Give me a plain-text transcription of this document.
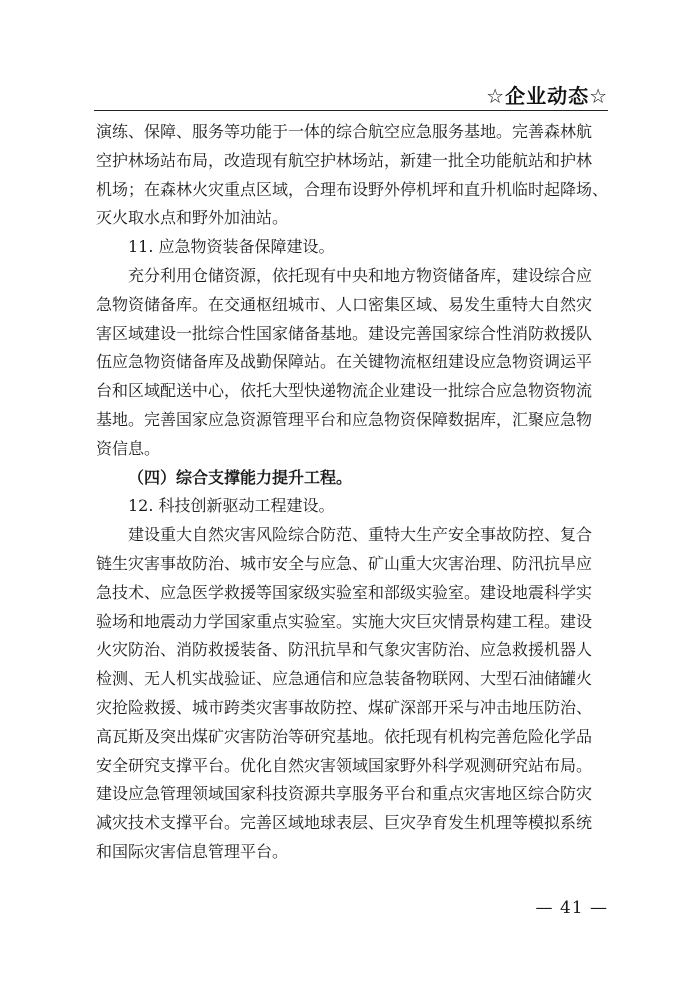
☆企业动态☆
演练、保障、服务等功能于一体的综合航空应急服务基地。完善森林航
空护林场站布局，改造现有航空护林场站，新建一批全功能航站和护林
机场；在森林火灾重点区域，合理布设野外停机坪和直升机临时起降场、
灭火取水点和野外加油站。
11. 应急物资装备保障建设。
充分利用仓储资源，依托现有中央和地方物资储备库，建设综合应
急物资储备库。在交通枢纽城市、人口密集区域、易发生重特大自然灾
害区域建设一批综合性国家储备基地。建设完善国家综合性消防救援队
伍应急物资储备库及战勤保障站。在关键物流枢纽建设应急物资调运平
台和区域配送中心，依托大型快递物流企业建设一批综合应急物资物流
基地。完善国家应急资源管理平台和应急物资保障数据库，汇聚应急物
资信息。
（四）综合支撑能力提升工程。
12. 科技创新驱动工程建设。
建设重大自然灾害风险综合防范、重特大生产安全事故防控、复合
链生灾害事故防治、城市安全与应急、矿山重大灾害治理、防汛抗旱应
急技术、应急医学救援等国家级实验室和部级实验室。建设地震科学实
验场和地震动力学国家重点实验室。实施大灾巨灾情景构建工程。建设
火灾防治、消防救援装备、防汛抗旱和气象灾害防治、应急救援机器人
检测、无人机实战验证、应急通信和应急装备物联网、大型石油储罐火
灾抢险救援、城市跨类灾害事故防控、煤矿深部开采与冲击地压防治、
高瓦斯及突出煤矿灾害防治等研究基地。依托现有机构完善危险化学品
安全研究支撑平台。优化自然灾害领域国家野外科学观测研究站布局。
建设应急管理领域国家科技资源共享服务平台和重点灾害地区综合防灾
减灾技术支撑平台。完善区域地球表层、巨灾孕育发生机理等模拟系统
和国际灾害信息管理平台。
— 41 —
